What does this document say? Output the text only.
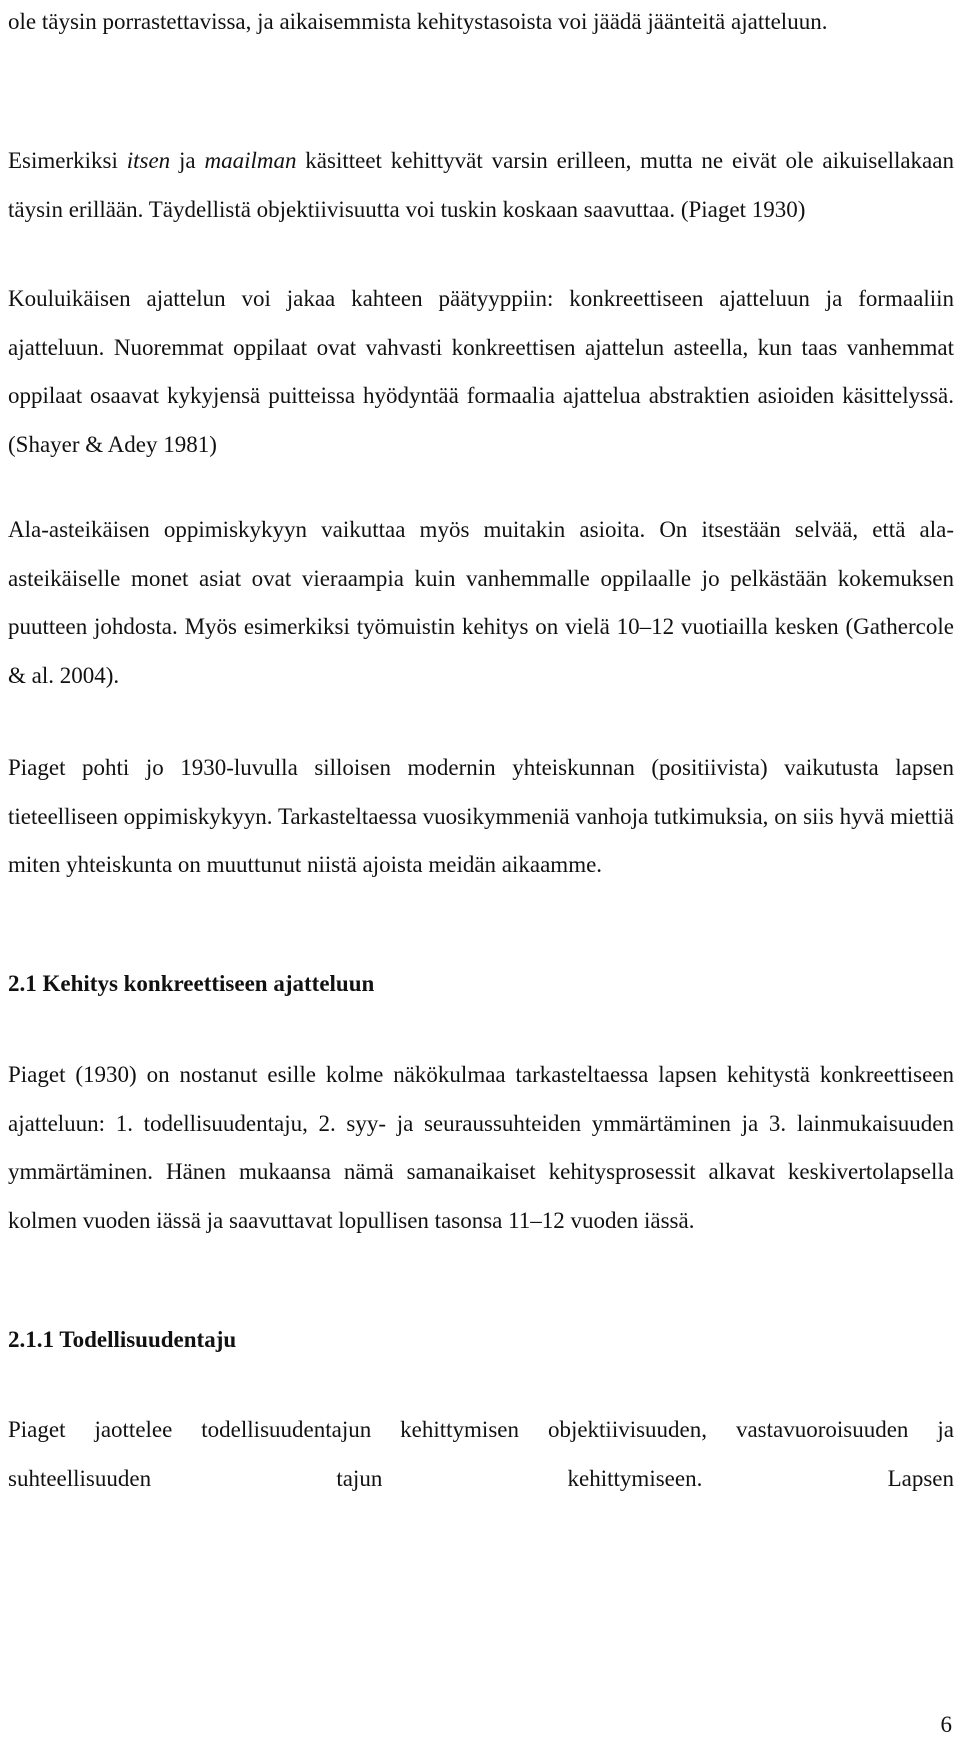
ole täysin porrastettavissa, ja aikaisemmista kehitystasoista voi jäädä jäänteitä ajatteluun.

Esimerkiksi itsen ja maailman käsitteet kehittyvät varsin erilleen, mutta ne eivät ole aikuisellakaan täysin erillään. Täydellistä objektiivisuutta voi tuskin koskaan saavuttaa. (Piaget 1930)

Kouluikäisen ajattelun voi jakaa kahteen päätyyppiin: konkreettiseen ajatteluun ja formaaliin ajatteluun. Nuoremmat oppilaat ovat vahvasti konkreettisen ajattelun asteella, kun taas vanhemmat oppilaat osaavat kykyjensä puitteissa hyödyntää formaalia ajattelua abstraktien asioiden käsittelyssä. (Shayer & Adey 1981)

Ala-asteikäisen oppimiskykyyn vaikuttaa myös muitakin asioita. On itsestään selvää, että ala-asteikäiselle monet asiat ovat vieraampia kuin vanhemmalle oppilaalle jo pelkästään kokemuksen puutteen johdosta. Myös esimerkiksi työmuistin kehitys on vielä 10–12 vuotiailla kesken (Gathercole & al. 2004).

Piaget pohti jo 1930-luvulla silloisen modernin yhteiskunnan (positiivista) vaikutusta lapsen tieteelliseen oppimiskykyyn. Tarkasteltaessa vuosikymmeniä vanhoja tutkimuksia, on siis hyvä miettiä miten yhteiskunta on muuttunut niistä ajoista meidän aikaamme.

2.1 Kehitys konkreettiseen ajatteluun

Piaget (1930) on nostanut esille kolme näkökulmaa tarkasteltaessa lapsen kehitystä konkreettiseen ajatteluun: 1. todellisuudentaju, 2. syy- ja seuraussuhteiden ymmärtäminen ja 3. lainmukaisuuden ymmärtäminen. Hänen mukaansa nämä samanaikaiset kehitysprosessit alkavat keskivertolapsella kolmen vuoden iässä ja saavuttavat lopullisen tasonsa 11–12 vuoden iässä.

2.1.1 Todellisuudentaju

Piaget jaottelee todellisuudentajun kehittymisen objektiivisuuden, vastavuoroisuuden ja suhteellisuuden tajun kehittymiseen. Lapsen

6
